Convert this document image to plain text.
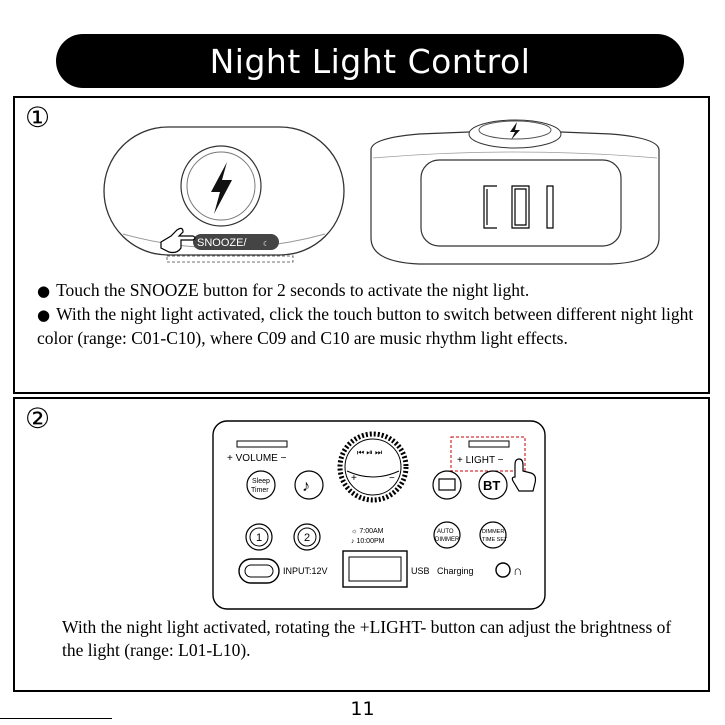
Night Light Control
①
SNOOZE/ ☾
● Touch the SNOOZE button for 2 seconds to activate the night light.
● With the night light activated, click the touch button to switch between different night light color (range: C01-C10), where C09 and C10 are music rhythm light effects.
②
+ VOLUME −
⏮ ⏯ ⏭
+	−
+ LIGHT −
Sleep
Timer ♪	BT
1	2
☼ 7:00AM
♪ 10:00PM
AUTO
DIMMER
DIMMER
TIME SET
INPUT:12V	USB Charging	∩

With the night light activated, rotating the +LIGHT- button can adjust the brightness of the light (range: L01-L10).

11
